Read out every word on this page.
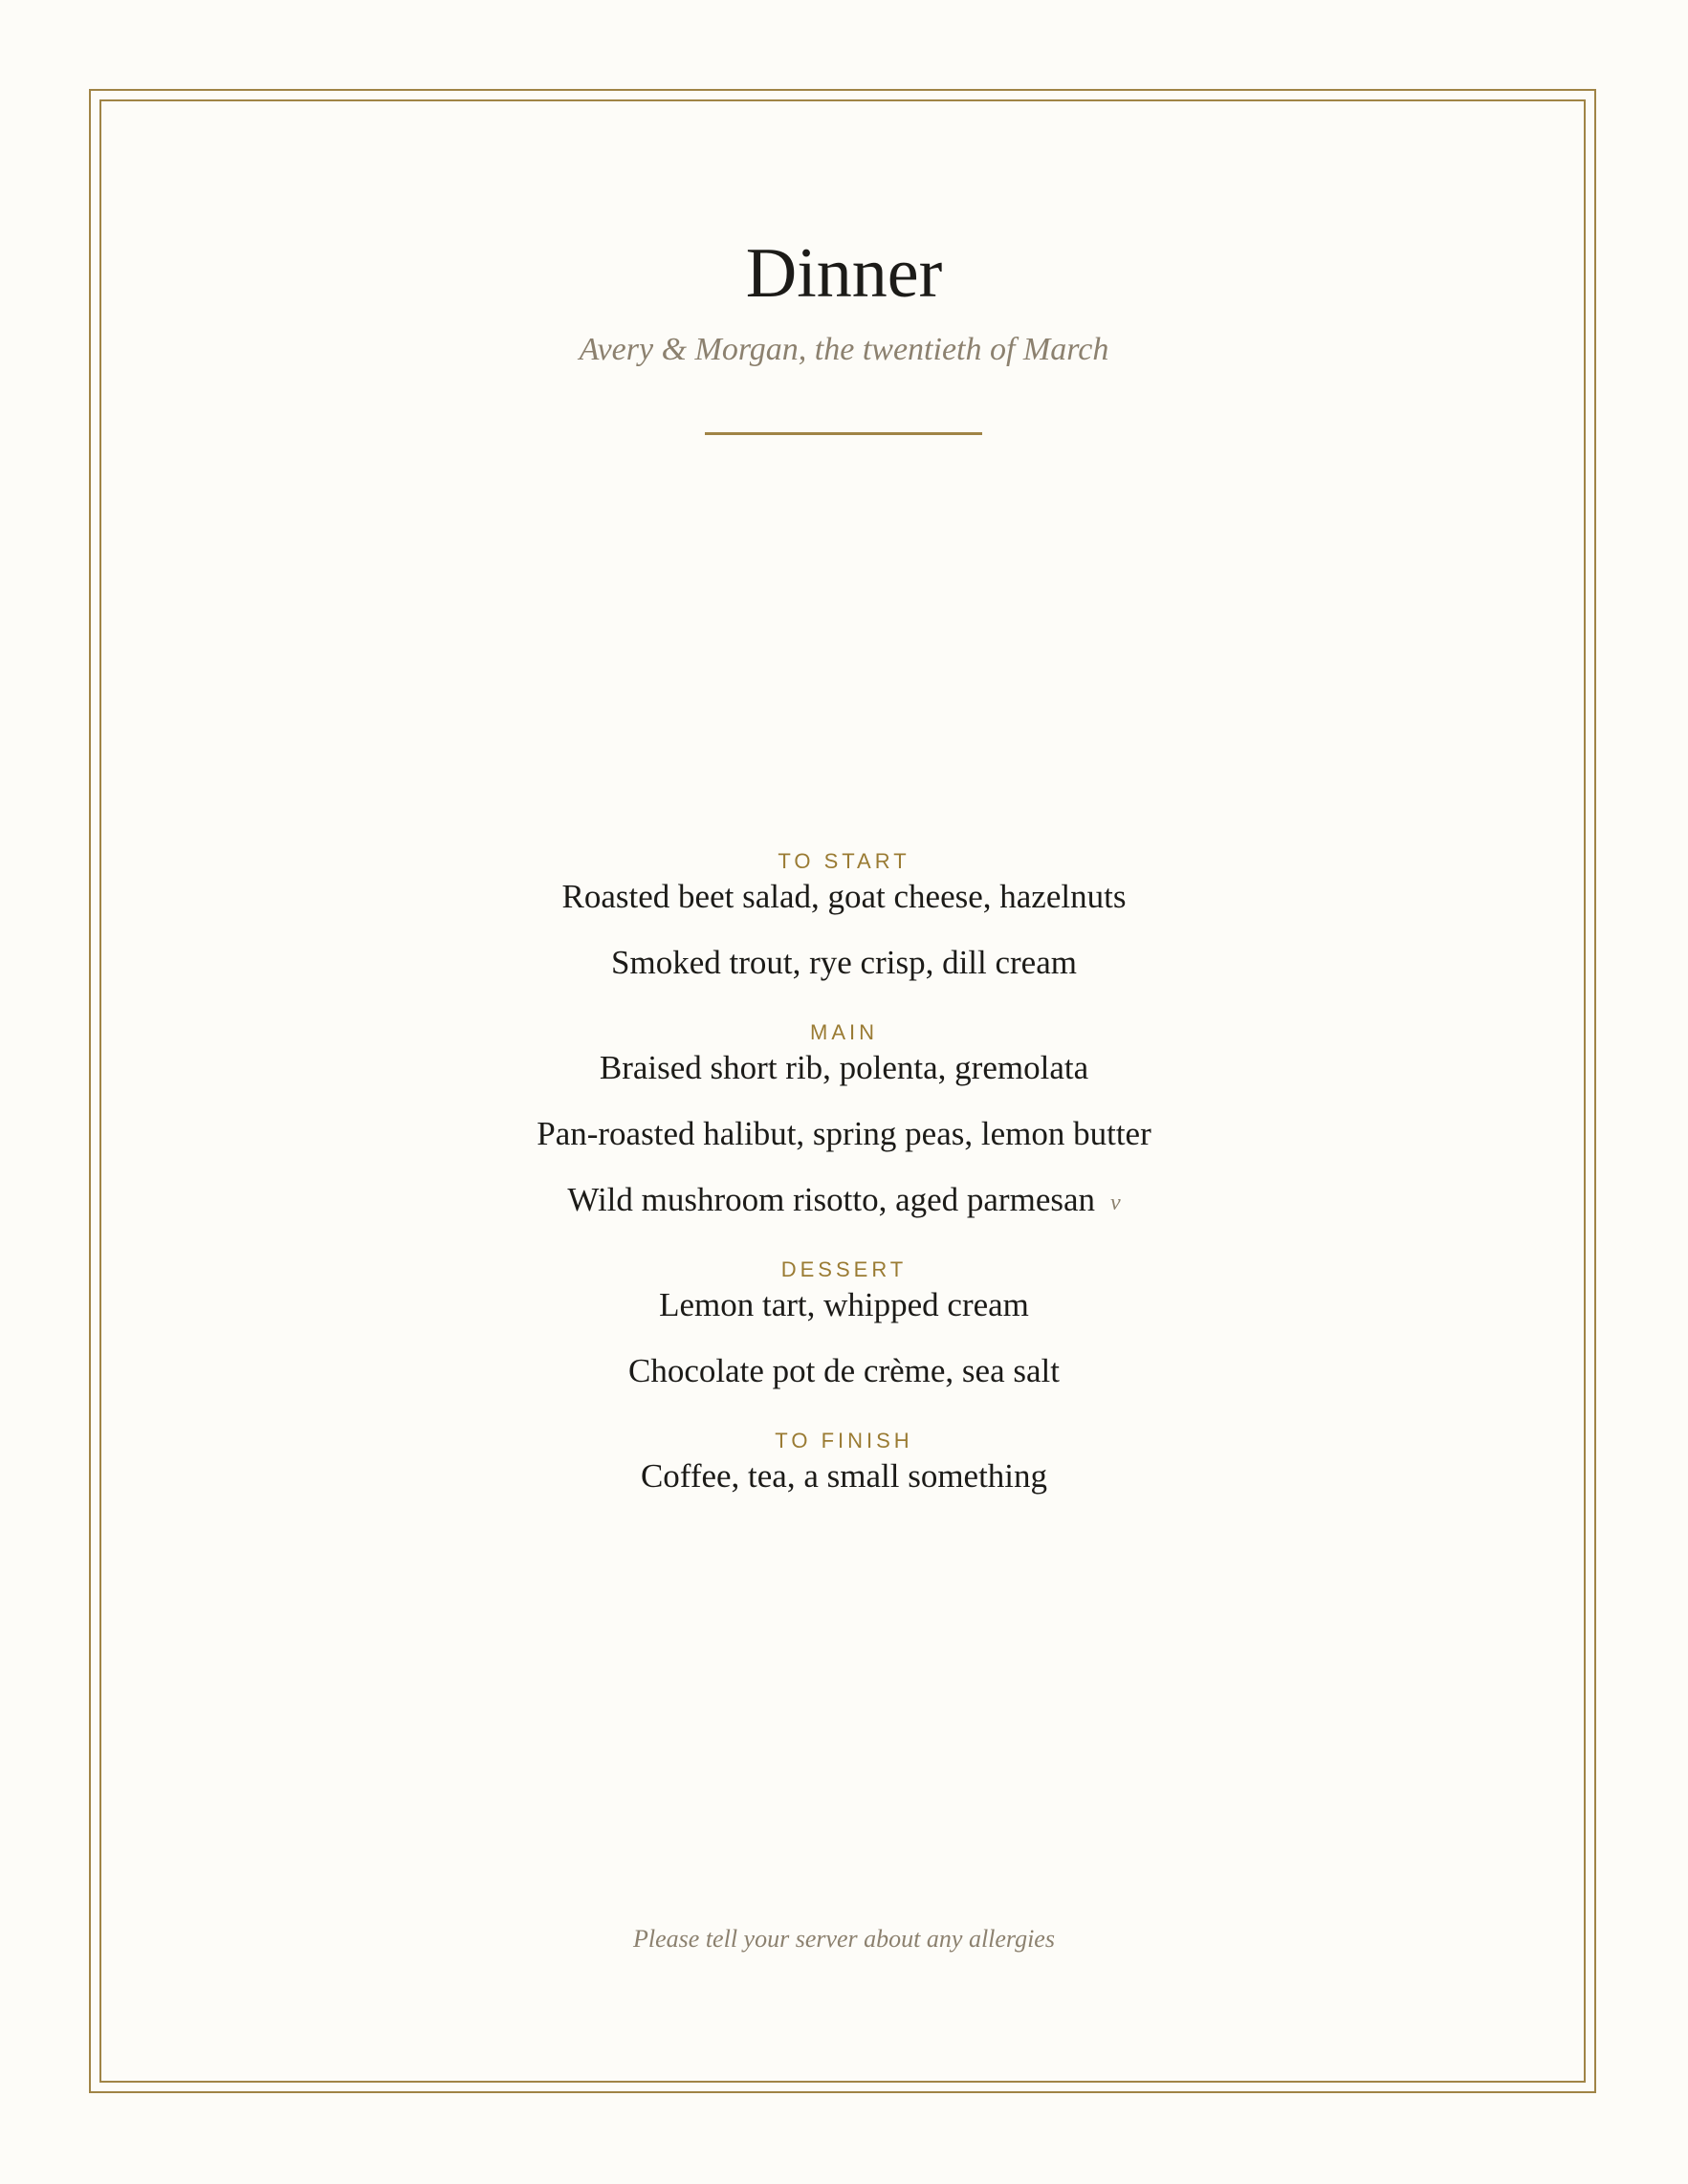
Dinner
Avery & Morgan, the twentieth of March
TO START
Roasted beet salad, goat cheese, hazelnuts
Smoked trout, rye crisp, dill cream
MAIN
Braised short rib, polenta, gremolata
Pan-roasted halibut, spring peas, lemon butter
Wild mushroom risotto, aged parmesan v
DESSERT
Lemon tart, whipped cream
Chocolate pot de crème, sea salt
TO FINISH
Coffee, tea, a small something
Please tell your server about any allergies
